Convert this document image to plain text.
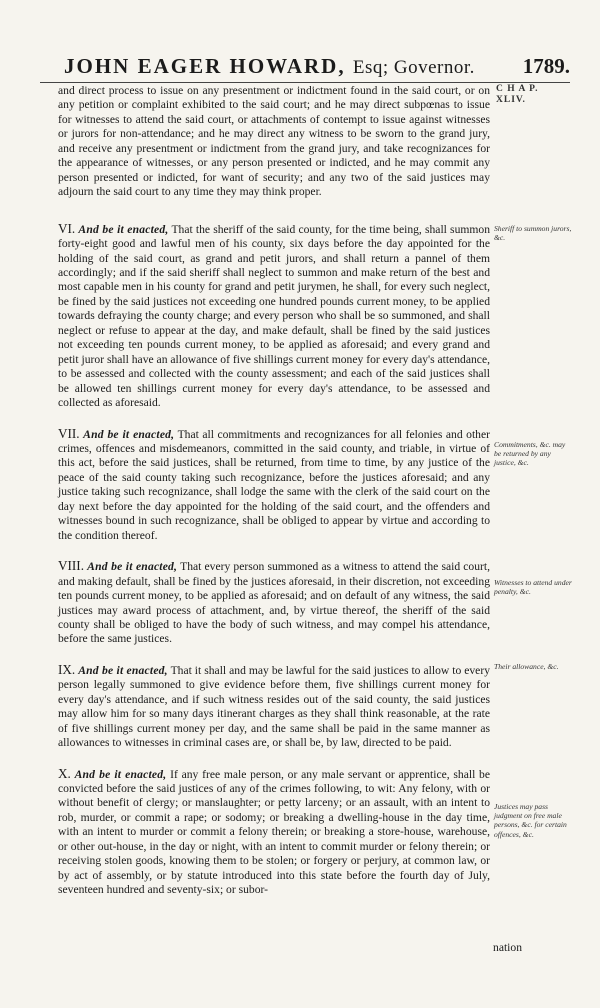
JOHN EAGER HOWARD, Esq; Governor. 1789.
C H A P.
XLIV.
Sheriff to summon jurors, &c.
Commitments, &c. may be returned by any justice, &c.
Witnesses to attend under penalty, &c.
Their allowance, &c.
Justices may pass judgment on free male persons, &c. for certain offences, &c.

and direct process to issue on any presentment or indictment found in the said court, or on any petition or complaint exhibited to the said court; and he may direct subpœnas to issue for witnesses to attend the said court, or attachments of contempt to issue against witnesses or jurors for non-attendance; and he may direct any witness to be sworn to the grand jury, and receive any presentment or indictment from the grand jury, and take recognizances for the appearance of witnesses, or any person presented or indicted, and he may commit any person presented or indicted, for want of security; and any two of the said justices may adjourn the said court to any time they may think proper.

VI. And be it enacted, That the sheriff of the said county, for the time being, shall summon forty-eight good and lawful men of his county, six days before the day appointed for the holding of the said court, as grand and petit jurors, and shall return a pannel of them accordingly; and if the said sheriff shall neglect to summon and make return of the best and most capable men in his county for grand and petit jurymen, he shall, for every such neglect, be fined by the said justices not exceeding one hundred pounds current money, to be applied towards defraying the county charge; and every person who shall be so summoned, and shall neglect or refuse to appear at the day, and make default, shall be fined by the said justices not exceeding ten pounds current money, to be applied as aforesaid; and every grand and petit juror shall have an allowance of five shillings current money for every day's attendance, to be assessed and collected with the county assessment; and each of the said justices shall be allowed ten shillings current money for every day's attendance, to be assessed and collected as aforesaid.

VII. And be it enacted, That all commitments and recognizances for all felonies and other crimes, offences and misdemeanors, committed in the said county, and triable, in virtue of this act, before the said justices, shall be returned, from time to time, by any justice of the peace of the said county taking such recognizance, before the justices aforesaid; and any justice taking such recognizance, shall lodge the same with the clerk of the said court on the day next before the day appointed for the holding of the said court, and the offenders and witnesses bound in such recognizance, shall be obliged to appear by virtue and according to the condition thereof.

VIII. And be it enacted, That every person summoned as a witness to attend the said court, and making default, shall be fined by the justices aforesaid, in their discretion, not exceeding ten pounds current money, to be applied as aforesaid; and on default of any witness, the said justices may award process of attachment, and, by virtue thereof, the sheriff of the said county shall be obliged to have the body of such witness, and may compel his attendance, before the same justices.

IX. And be it enacted, That it shall and may be lawful for the said justices to allow to every person legally summoned to give evidence before them, five shillings current money for every day's attendance, and if such witness resides out of the said county, the said justices may allow him for so many days itinerant charges as they shall think reasonable, at the rate of five shillings current money per day, and the same shall be paid in the same manner as allowances to witnesses in criminal cases are, or shall be, by law, directed to be paid.

X. And be it enacted, If any free male person, or any male servant or apprentice, shall be convicted before the said justices of any of the crimes following, to wit: Any felony, with or without benefit of clergy; or manslaughter; or petty larceny; or an assault, with an intent to rob, murder, or commit a rape; or sodomy; or breaking a dwelling-house in the day time, with an intent to murder or commit a felony therein; or breaking a store-house, warehouse, or other out-house, in the day or night, with an intent to commit murder or felony therein; or receiving stolen goods, knowing them to be stolen; or forgery or perjury, at common law, or by act of assembly, or by statute introduced into this state before the fourth day of July, seventeen hundred and seventy-six; or subor-

nation
